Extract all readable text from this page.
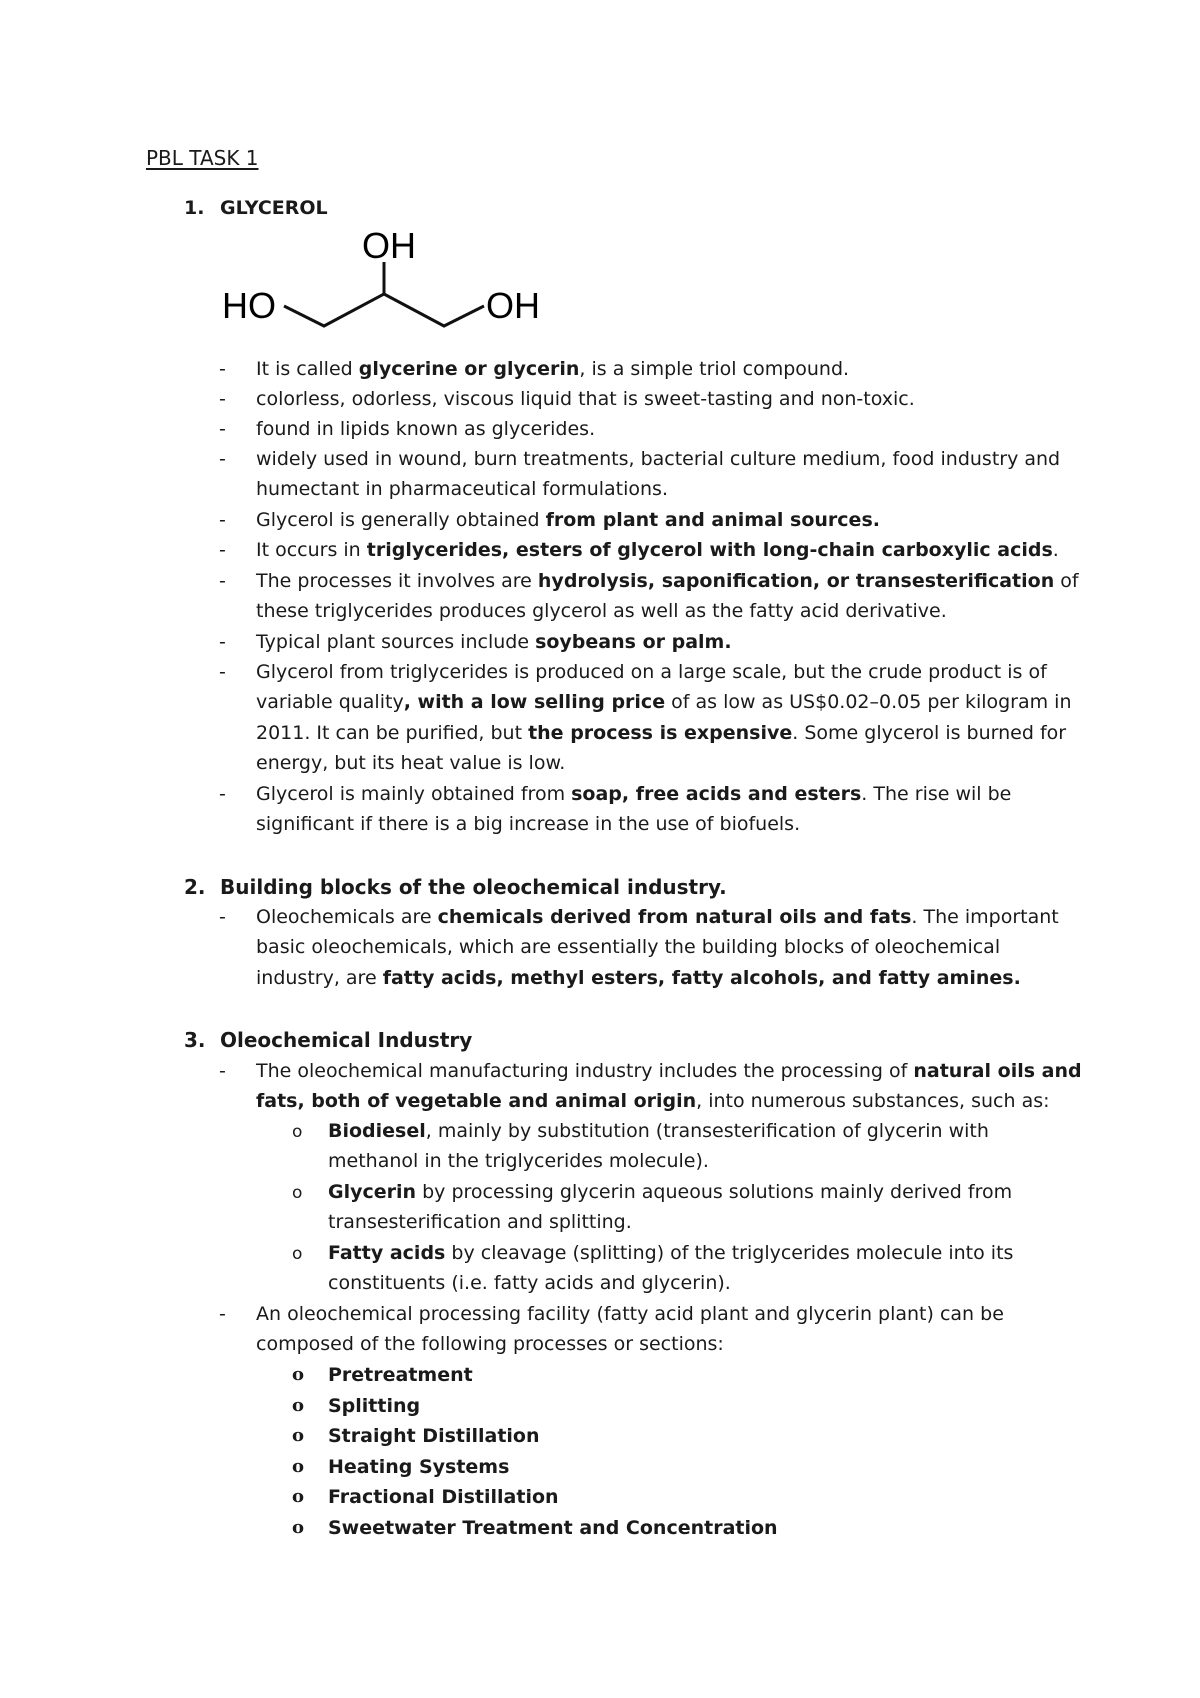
PBL TASK 1
1. GLYCEROL
OH
HO	OH
-
-
-
-
-
-
-
-
-
-
It is called glycerine or glycerin, is a simple triol compound.
colorless, odorless, viscous liquid that is sweet-tasting and non-toxic.
found in lipids known as glycerides.
widely used in wound, burn treatments, bacterial culture medium, food industry and
humectant in pharmaceutical formulations.
Glycerol is generally obtained from plant and animal sources.
It occurs in triglycerides, esters of glycerol with long-chain carboxylic acids.
The processes it involves are hydrolysis, saponification, or transesterification of
these triglycerides produces glycerol as well as the fatty acid derivative.
Typical plant sources include soybeans or palm.
Glycerol from triglycerides is produced on a large scale, but the crude product is of
variable quality, with a low selling price of as low as US$0.02–0.05 per kilogram in
2011. It can be purified, but the process is expensive. Some glycerol is burned for
energy, but its heat value is low.
Glycerol is mainly obtained from soap, free acids and esters. The rise wil be
significant if there is a big increase in the use of biofuels.
2. Building blocks of the oleochemical industry.
- Oleochemicals are chemicals derived from natural oils and fats. The important
basic oleochemicals, which are essentially the building blocks of oleochemical
industry, are fatty acids, methyl esters, fatty alcohols, and fatty amines.
3. Oleochemical Industry
- The oleochemical manufacturing industry includes the processing of natural oils and
fats, both of vegetable and animal origin, into numerous substances, such as:
o Biodiesel, mainly by substitution (transesterification of glycerin with
methanol in the triglycerides molecule).
o Glycerin by processing glycerin aqueous solutions mainly derived from
transesterification and splitting.
o Fatty acids by cleavage (splitting) of the triglycerides molecule into its
constituents (i.e. fatty acids and glycerin).
- An oleochemical processing facility (fatty acid plant and glycerin plant) can be
composed of the following processes or sections:
o Pretreatment
o Splitting
o Straight Distillation
o Heating Systems
o Fractional Distillation
o Sweetwater Treatment and Concentration
